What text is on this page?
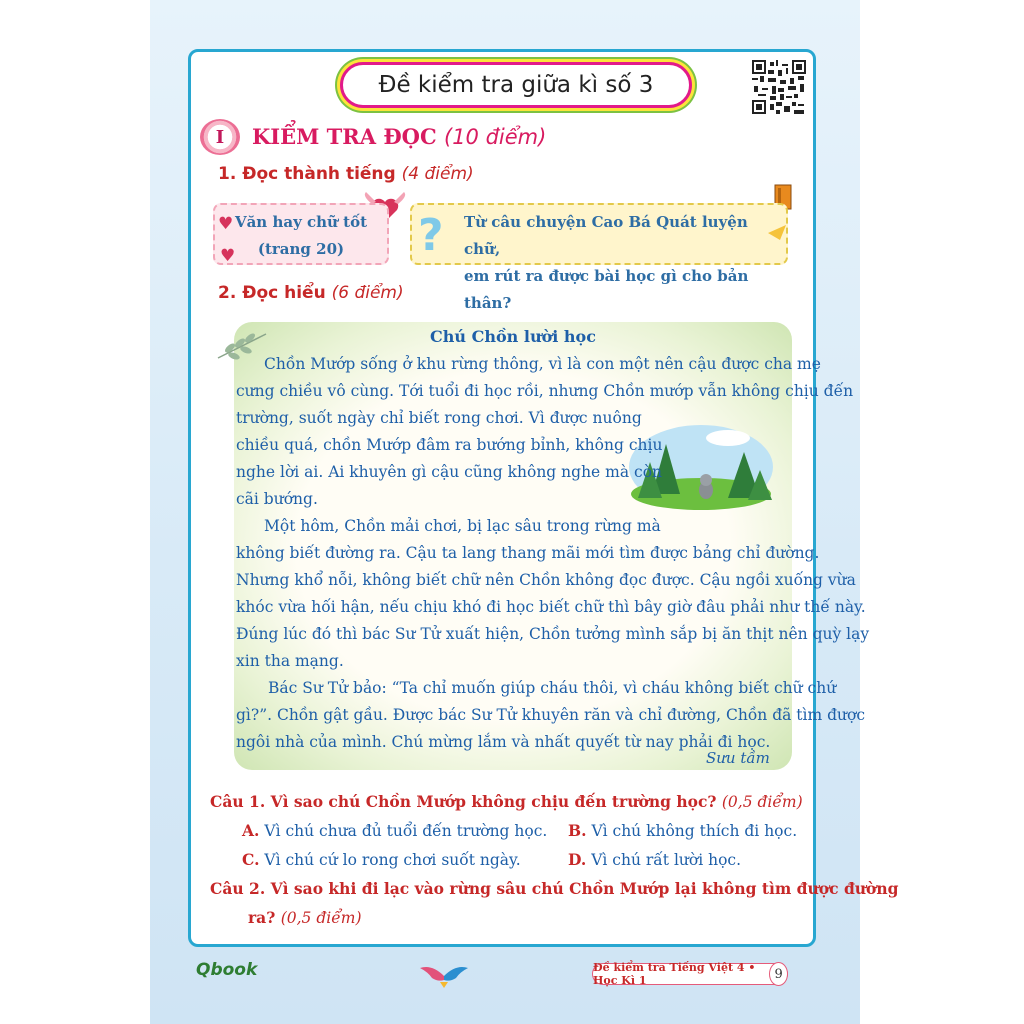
Đề kiểm tra giữa kì số 3
I KIỂM TRA ĐỌC (10 điểm)
1. Đọc thành tiếng (4 điểm)
Văn hay chữ tốt
(trang 20)
♥
♥
Từ câu chuyện Cao Bá Quát luyện chữ,
em rút ra được bài học gì cho bản thân?
?
2. Đọc hiểu (6 điểm)
Chú Chồn lười học
Chồn Mướp sống ở khu rừng thông, vì là con một nên cậu được cha mẹ
cưng chiều vô cùng. Tới tuổi đi học rồi, nhưng Chồn mướp vẫn không chịu đến
trường, suốt ngày chỉ biết rong chơi. Vì được nuông
chiều quá, chồn Mướp đâm ra bướng bỉnh, không chịu
nghe lời ai. Ai khuyên gì cậu cũng không nghe mà còn
cãi bướng.
Một hôm, Chồn mải chơi, bị lạc sâu trong rừng mà
không biết đường ra. Cậu ta lang thang mãi mới tìm được bảng chỉ đường.
Nhưng khổ nỗi, không biết chữ nên Chồn không đọc được. Cậu ngồi xuống vừa
khóc vừa hối hận, nếu chịu khó đi học biết chữ thì bây giờ đâu phải như thế này.
Đúng lúc đó thì bác Sư Tử xuất hiện, Chồn tưởng mình sắp bị ăn thịt nên quỳ lạy
xin tha mạng.
Bác Sư Tử bảo: “Ta chỉ muốn giúp cháu thôi, vì cháu không biết chữ chứ
gì?”. Chồn gật gầu. Được bác Sư Tử khuyên răn và chỉ đường, Chồn đã tìm được
ngôi nhà của mình. Chú mừng lắm và nhất quyết từ nay phải đi học.
Sưu tầm
Câu 1. Vì sao chú Chồn Mướp không chịu đến trường học? (0,5 điểm)
A. Vì chú chưa đủ tuổi đến trường học. B. Vì chú không thích đi học.
C. Vì chú cứ lo rong chơi suốt ngày.	D. Vì chú rất lười học.
Câu 2. Vì sao khi đi lạc vào rừng sâu chú Chồn Mướp lại không tìm được đường
ra? (0,5 điểm)
Qbook	Đề kiểm tra Tiếng Việt 4 • Học Kì 1	9
